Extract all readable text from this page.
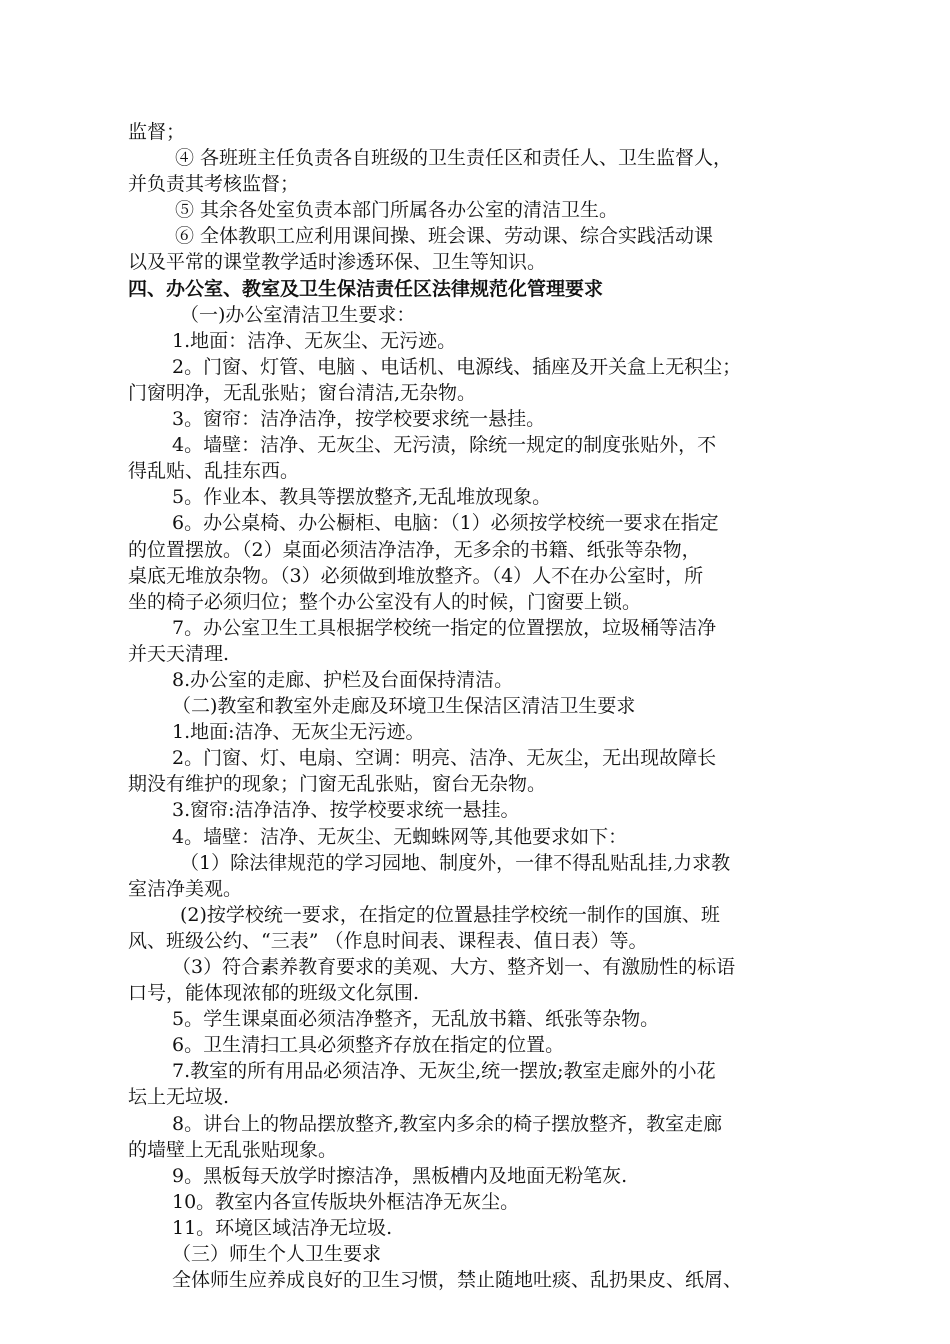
监督；
④ 各班班主任负责各自班级的卫生责任区和责任人、卫生监督人，
并负责其考核监督；
⑤ 其余各处室负责本部门所属各办公室的清洁卫生。
⑥ 全体教职工应利用课间操、班会课、劳动课、综合实践活动课
以及平常的课堂教学适时渗透环保、卫生等知识。
四、办公室、教室及卫生保洁责任区法律规范化管理要求
（一)办公室清洁卫生要求：
1.地面：洁净、无灰尘、无污迹。
2。门窗、灯管、电脑 、电话机、电源线、插座及开关盒上无积尘；
门窗明净，无乱张贴；窗台清洁,无杂物。
3。窗帘：洁净洁净，按学校要求统一悬挂。
4。墙壁：洁净、无灰尘、无污渍，除统一规定的制度张贴外，不
得乱贴、乱挂东西。
5。作业本、教具等摆放整齐,无乱堆放现象。
6。办公桌椅、办公橱柜、电脑：（1）必须按学校统一要求在指定
的位置摆放。（2）桌面必须洁净洁净，无多余的书籍、纸张等杂物，
桌底无堆放杂物。（3）必须做到堆放整齐。（4）人不在办公室时，所
坐的椅子必须归位；整个办公室没有人的时候，门窗要上锁。
7。办公室卫生工具根据学校统一指定的位置摆放，垃圾桶等洁净
并天天清理.
8.办公室的走廊、护栏及台面保持清洁。
（二)教室和教室外走廊及环境卫生保洁区清洁卫生要求
1.地面:洁净、无灰尘无污迹。
2。门窗、灯、电扇、空调：明亮、洁净、无灰尘，无出现故障长
期没有维护的现象；门窗无乱张贴，窗台无杂物。
3.窗帘:洁净洁净、按学校要求统一悬挂。
4。墙壁：洁净、无灰尘、无蜘蛛网等,其他要求如下：
（1）除法律规范的学习园地、制度外，一律不得乱贴乱挂,力求教
室洁净美观。
(2)按学校统一要求，在指定的位置悬挂学校统一制作的国旗、班
风、班级公约、“三表” （作息时间表、课程表、值日表）等。
（3）符合素养教育要求的美观、大方、整齐划一、有激励性的标语
口号，能体现浓郁的班级文化氛围.
5。学生课桌面必须洁净整齐，无乱放书籍、纸张等杂物。
6。卫生清扫工具必须整齐存放在指定的位置。
7.教室的所有用品必须洁净、无灰尘,统一摆放;教室走廊外的小花
坛上无垃圾.
8。讲台上的物品摆放整齐,教室内多余的椅子摆放整齐，教室走廊
的墙壁上无乱张贴现象。
9。黑板每天放学时擦洁净，黑板槽内及地面无粉笔灰.
10。教室内各宣传版块外框洁净无灰尘。
11。环境区域洁净无垃圾.
（三）师生个人卫生要求
全体师生应养成良好的卫生习惯，禁止随地吐痰、乱扔果皮、纸屑、
